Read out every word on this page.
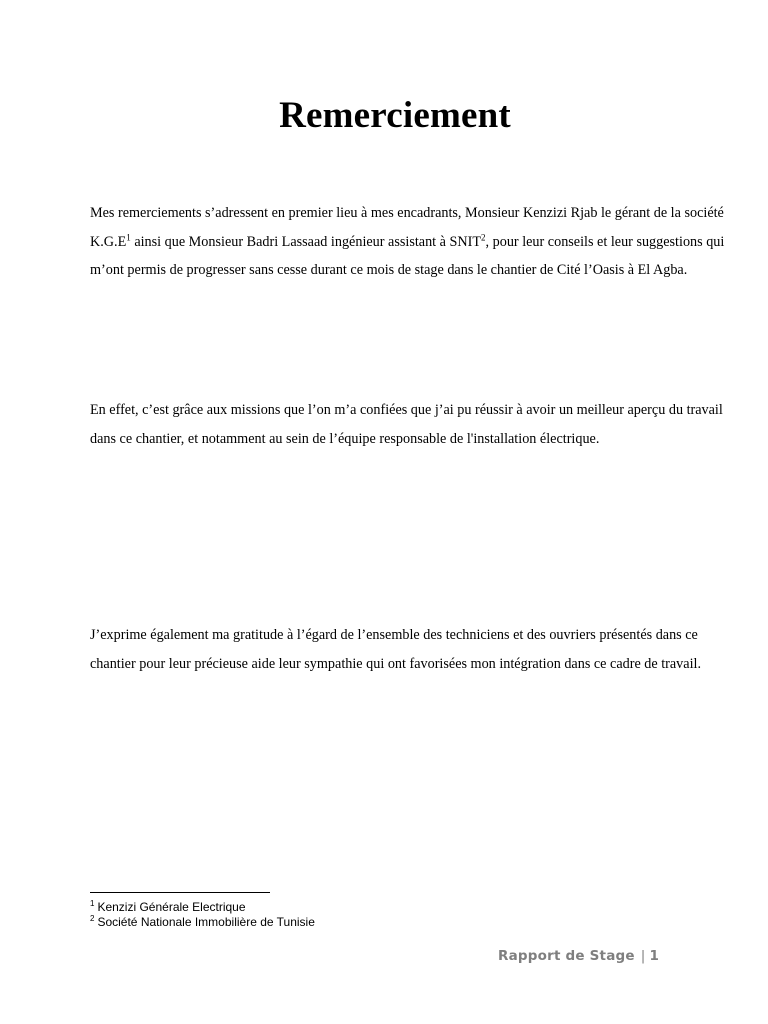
Remerciement

Mes remerciements s’adressent en premier lieu à mes encadrants, Monsieur Kenzizi Rjab le gérant de la société $K.G.E^1$ ainsi que Monsieur Badri Lassaad ingénieur assistant à SNIT$^2$, pour leur conseils et leur suggestions qui m’ont permis de progresser sans cesse durant ce mois de stage dans le chantier de Cité l’Oasis à El Agba.

En effet, c’est grâce aux missions que l’on m’a confiées que j’ai pu réussir à avoir un meilleur aperçu du travail dans ce chantier, et notamment au sein de l’équipe responsable de l'installation électrique.

J’exprime également ma gratitude à l’égard de l’ensemble des techniciens et des ouvriers présentés dans ce chantier pour leur précieuse aide leur sympathie qui ont favorisées mon intégration dans ce cadre de travail.

$^1$ Kenzizi Générale Electrique
$^2$ Société Nationale Immobilière de Tunisie
Rapport de Stage | 1
